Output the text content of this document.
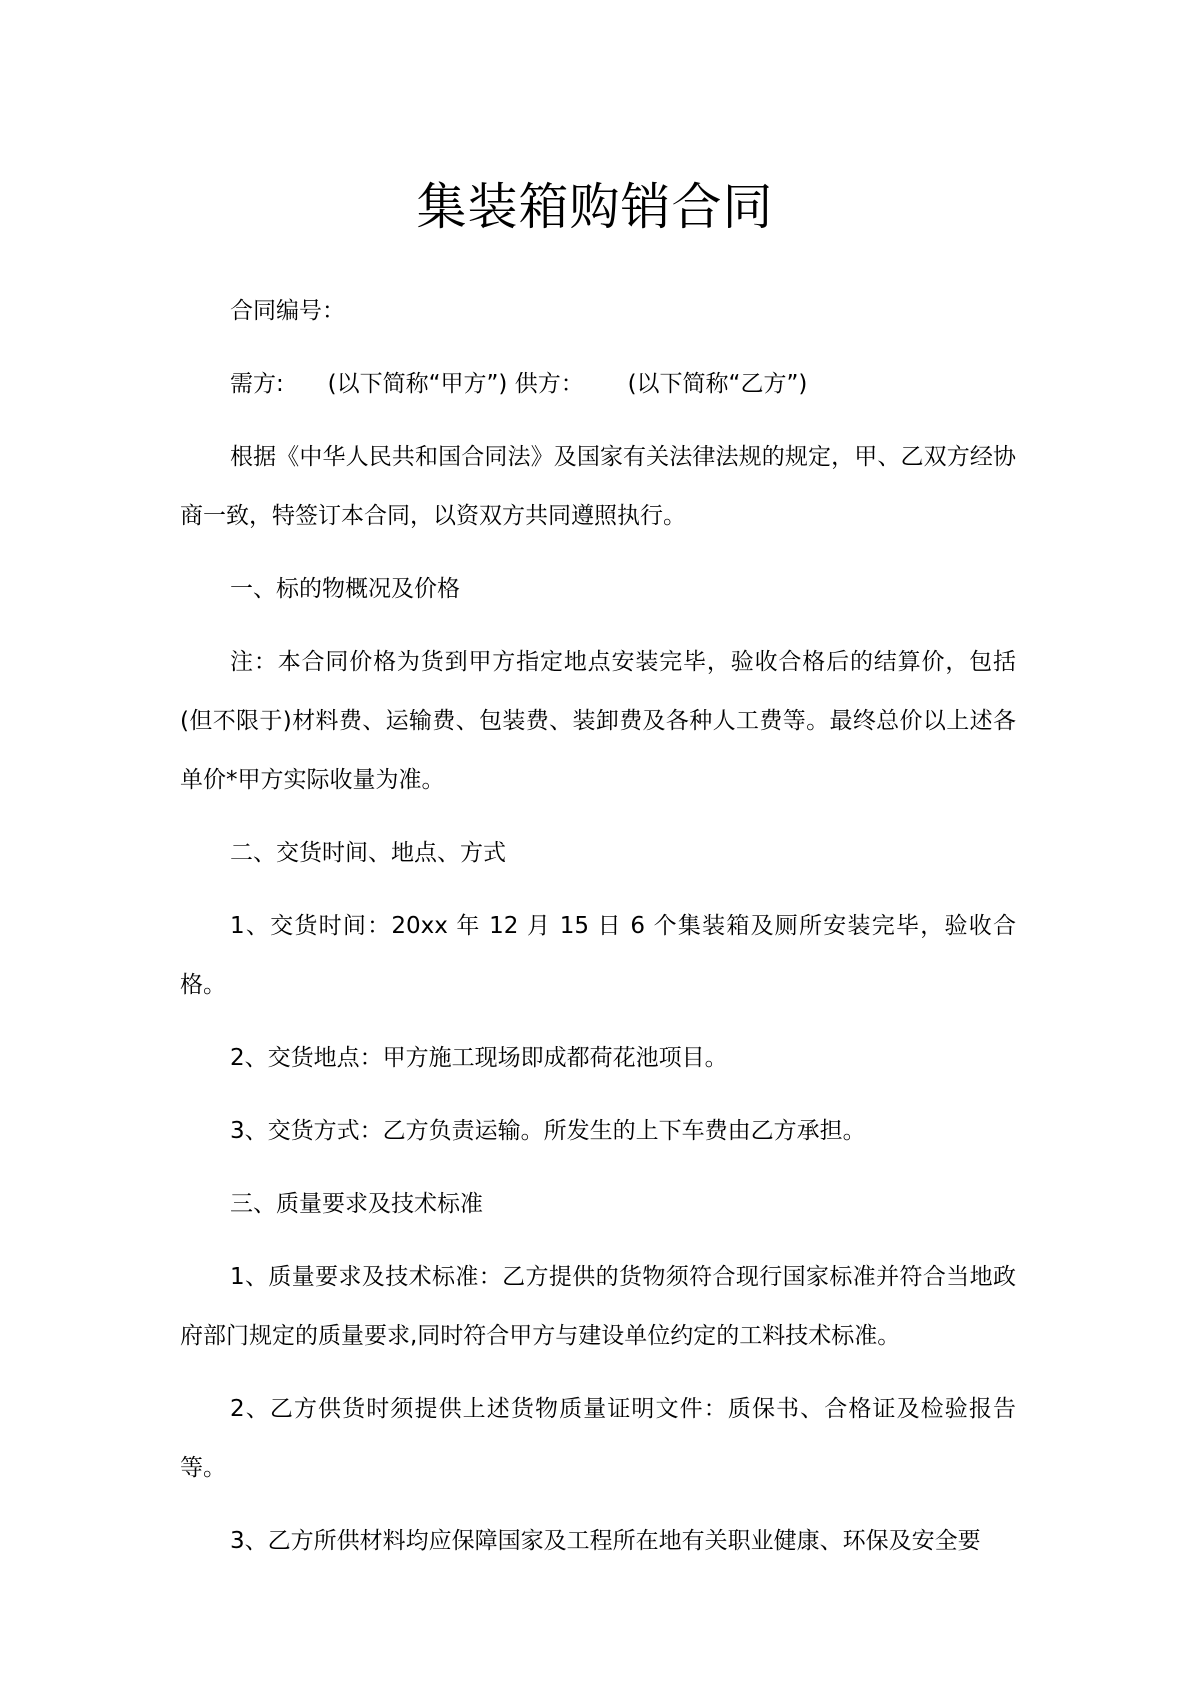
集装箱购销合同

合同编号：

需方:      (以下简称“甲方”) 供方：      (以下简称“乙方”)

根据《中华人民共和国合同法》及国家有关法律法规的规定，甲、乙双方经协商一致，特签订本合同，以资双方共同遵照执行。

一、标的物概况及价格

注：本合同价格为货到甲方指定地点安装完毕，验收合格后的结算价，包括(但不限于)材料费、运输费、包装费、装卸费及各种人工费等。最终总价以上述各单价*甲方实际收量为准。

二、交货时间、地点、方式

1、交货时间：20xx 年 12 月 15 日 6 个集装箱及厕所安装完毕，验收合格。

2、交货地点：甲方施工现场即成都荷花池项目。

3、交货方式：乙方负责运输。所发生的上下车费由乙方承担。

三、质量要求及技术标准

1、质量要求及技术标准：乙方提供的货物须符合现行国家标准并符合当地政府部门规定的质量要求,同时符合甲方与建设单位约定的工料技术标准。

2、乙方供货时须提供上述货物质量证明文件：质保书、合格证及检验报告等。

3、乙方所供材料均应保障国家及工程所在地有关职业健康、环保及安全要
